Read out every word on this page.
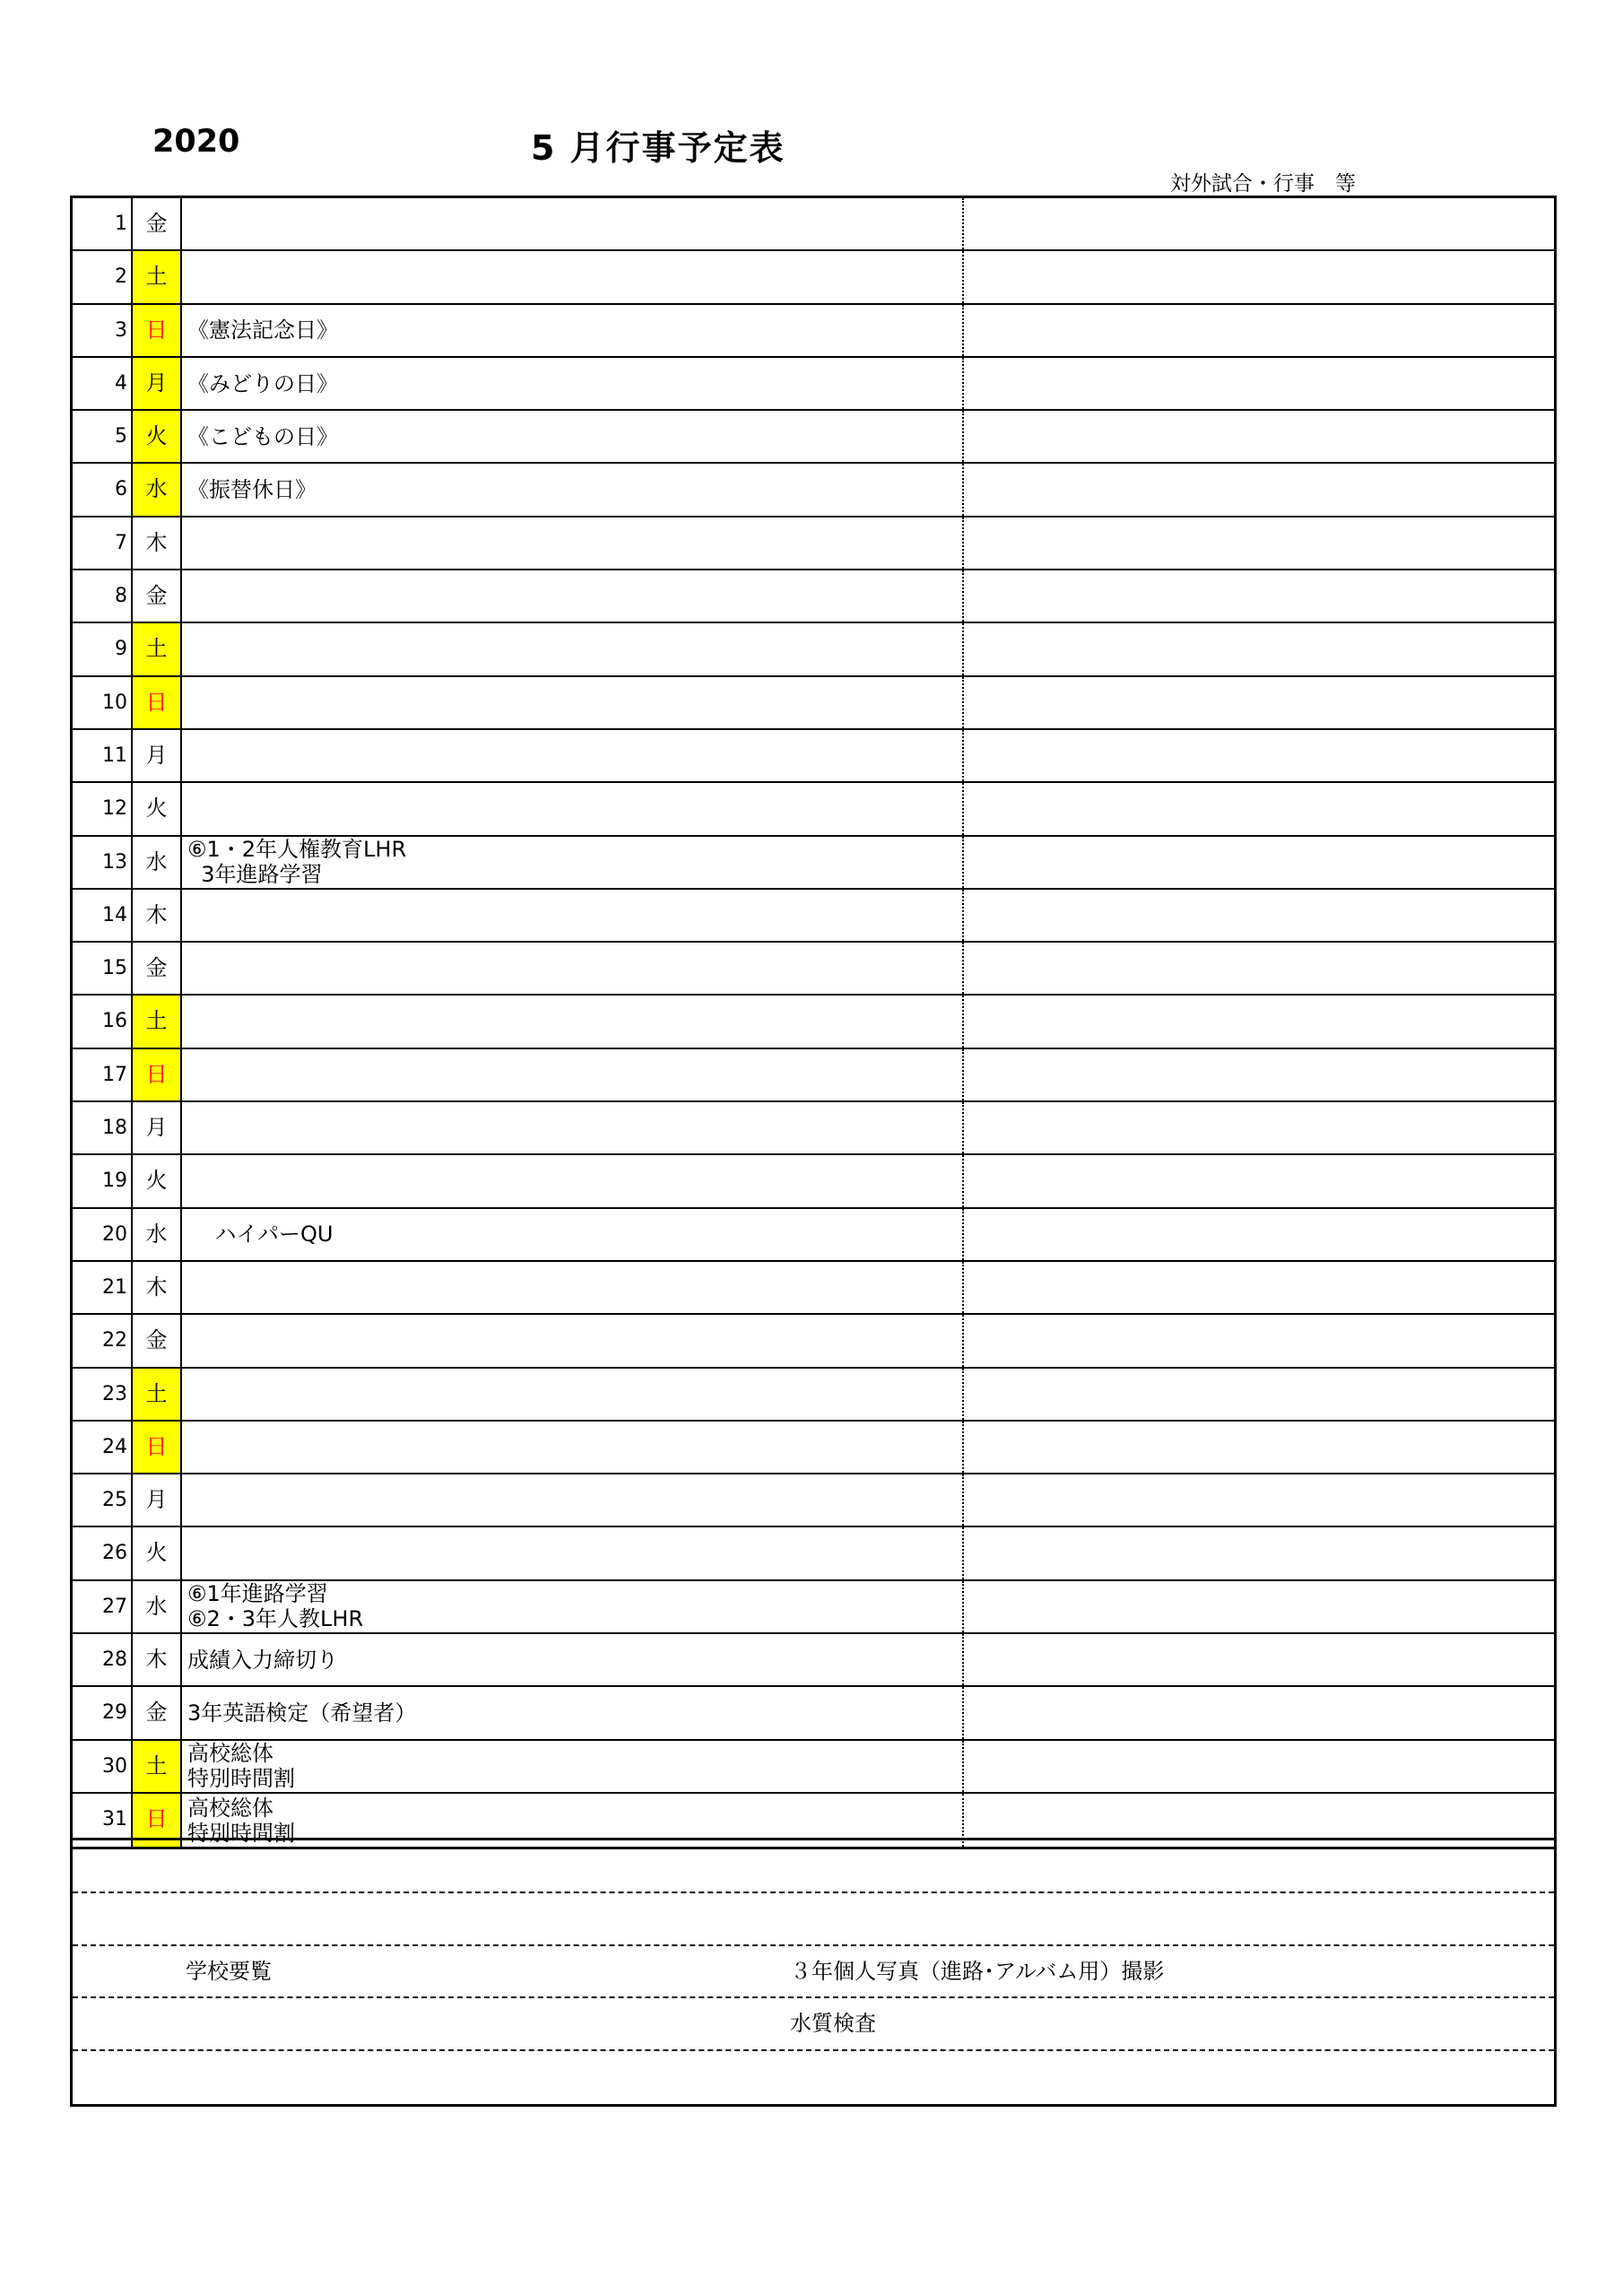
2020	5 月行事予定表
対外試合・行事　等
1 金
2 土
3 日 《憲法記念日》
4 月 《みどりの日》
5 火 《こどもの日》
6 水 《振替休日》
7 木
8 金
9 土
10 日
11 月
12 火
13 水 ⑥1・2年人権教育LHR
3年進路学習
14 木
15 金
16 土
17 日
18 月
19 火
20 水 ハイパーQU
21 木
22 金
23 土
24 日
25 月
26 火
27 水 ⑥1年進路学習
⑥2・3年人教LHR
28 木 成績入力締切り
29 金 3年英語検定（希望者）
30 土 高校総体
特別時間割
31 日 高校総体
特別時間割
学校要覧	３年個人写真（進路･アルバム用）撮影
水質検査
